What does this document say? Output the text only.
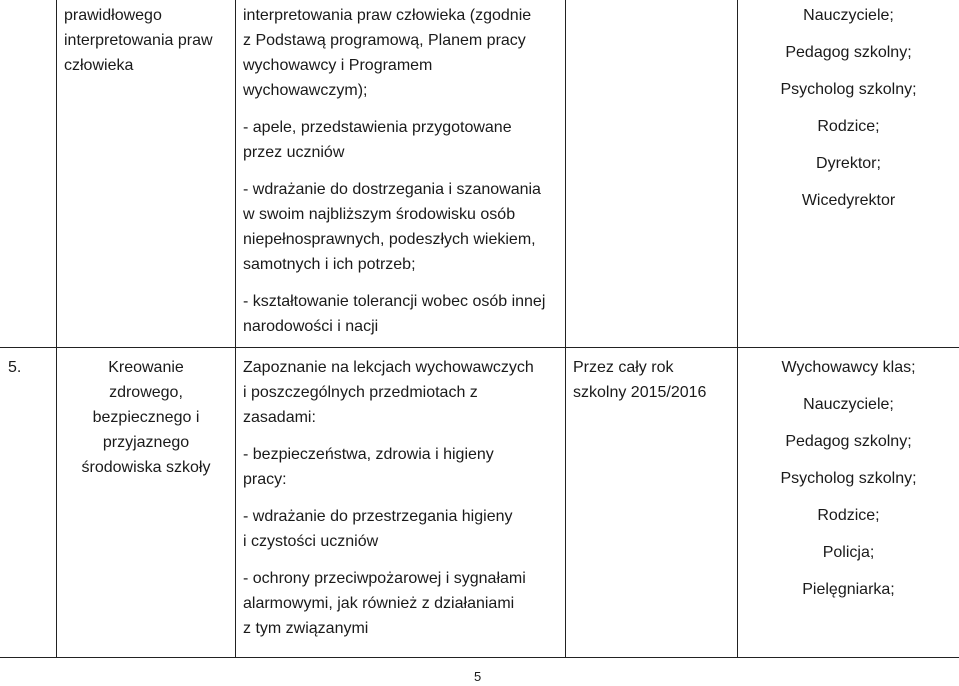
prawidłowego

interpretowania praw

człowieka

interpretowania praw człowieka (zgodnie

z Podstawą programową, Planem pracy

wychowawcy i Programem

wychowawczym);

- apele, przedstawienia przygotowane

przez uczniów

- wdrażanie do dostrzegania i szanowania

w swoim najbliższym środowisku osób

niepełnosprawnych, podeszłych wiekiem,

samotnych i ich potrzeb;

- kształtowanie tolerancji wobec osób innej

narodowości i nacji

Nauczyciele;

Pedagog szkolny;

Psycholog szkolny;

Rodzice;

Dyrektor;

Wicedyrektor

5.	Kreowanie

zdrowego,

bezpiecznego i

przyjaznego

środowiska szkoły

Zapoznanie na lekcjach wychowawczych

i poszczególnych przedmiotach z

zasadami:

- bezpieczeństwa, zdrowia i higieny

pracy:

- wdrażanie do przestrzegania higieny

i czystości uczniów

- ochrony przeciwpożarowej i sygnałami

alarmowymi, jak również z działaniami

z tym związanymi

Przez cały rok

szkolny 2015/2016

Wychowawcy klas;

Nauczyciele;

Pedagog szkolny;

Psycholog szkolny;

Rodzice;

Policja;

Pielęgniarka;

5
